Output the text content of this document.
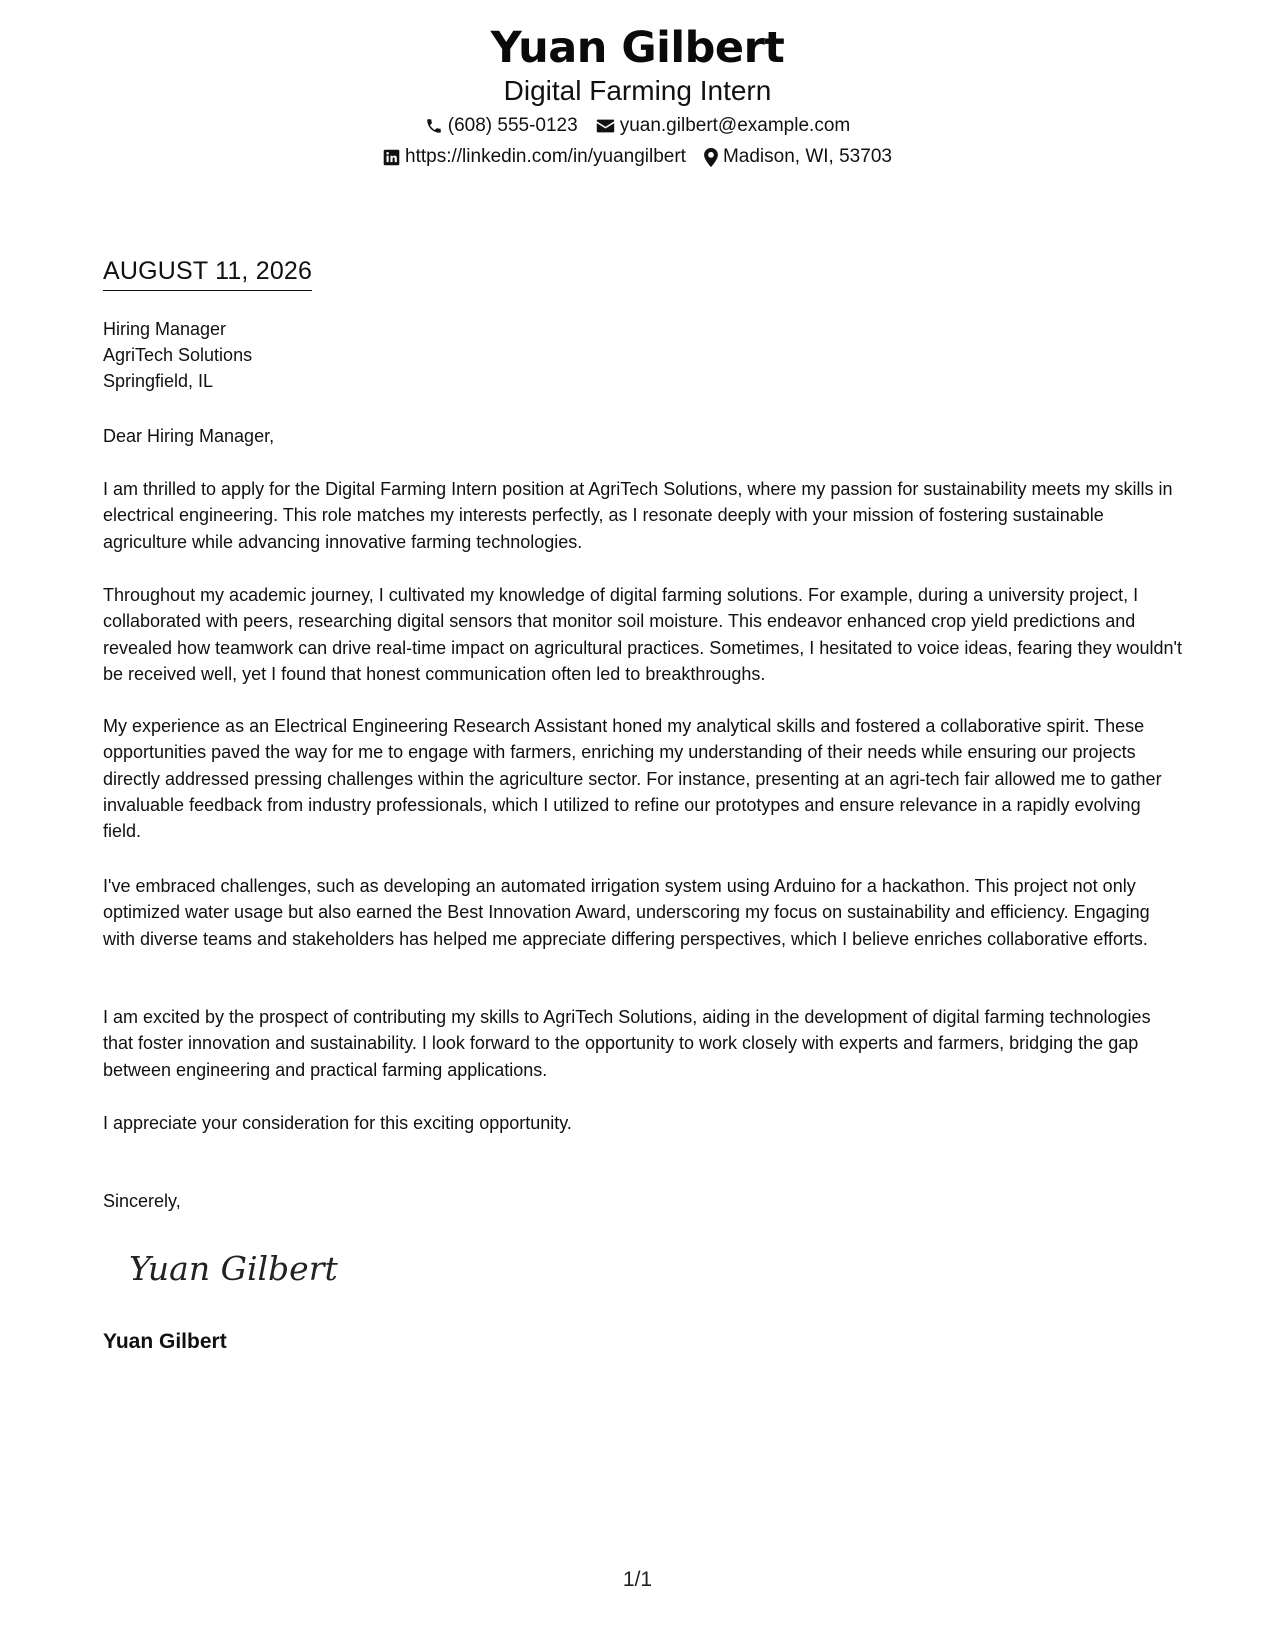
Yuan Gilbert
Digital Farming Intern
(608) 555-0123 yuan.gilbert@example.com
https://linkedin.com/in/yuangilbert Madison, WI, 53703
AUGUST 11, 2026
Hiring Manager
AgriTech Solutions
Springfield, IL
Dear Hiring Manager,
I am thrilled to apply for the Digital Farming Intern position at AgriTech Solutions, where my passion for sustainability meets my skills in electrical engineering. This role matches my interests perfectly, as I resonate deeply with your mission of fostering sustainable agriculture while advancing innovative farming technologies.
Throughout my academic journey, I cultivated my knowledge of digital farming solutions. For example, during a university project, I collaborated with peers, researching digital sensors that monitor soil moisture. This endeavor enhanced crop yield predictions and revealed how teamwork can drive real-time impact on agricultural practices. Sometimes, I hesitated to voice ideas, fearing they wouldn't be received well, yet I found that honest communication often led to breakthroughs.
My experience as an Electrical Engineering Research Assistant honed my analytical skills and fostered a collaborative spirit. These opportunities paved the way for me to engage with farmers, enriching my understanding of their needs while ensuring our projects directly addressed pressing challenges within the agriculture sector. For instance, presenting at an agri-tech fair allowed me to gather invaluable feedback from industry professionals, which I utilized to refine our prototypes and ensure relevance in a rapidly evolving field.
I've embraced challenges, such as developing an automated irrigation system using Arduino for a hackathon. This project not only optimized water usage but also earned the Best Innovation Award, underscoring my focus on sustainability and efficiency. Engaging with diverse teams and stakeholders has helped me appreciate differing perspectives, which I believe enriches collaborative efforts.
I am excited by the prospect of contributing my skills to AgriTech Solutions, aiding in the development of digital farming technologies that foster innovation and sustainability. I look forward to the opportunity to work closely with experts and farmers, bridging the gap between engineering and practical farming applications.
I appreciate your consideration for this exciting opportunity.
Sincerely,
Yuan Gilbert
Yuan Gilbert
1/1
